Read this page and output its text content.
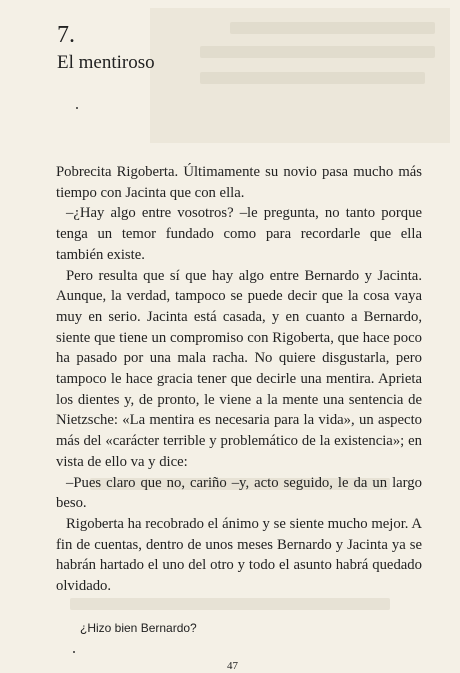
7.
El mentiroso

Pobrecita Rigoberta. Últimamente su novio pasa mucho más tiempo con Jacinta que con ella.

–¿Hay algo entre vosotros? –le pregunta, no tanto porque tenga un temor fundado como para recordarle que ella también existe.

Pero resulta que sí que hay algo entre Bernardo y Jacinta. Aunque, la verdad, tampoco se puede decir que la cosa vaya muy en serio. Jacinta está casada, y en cuanto a Bernardo, siente que tiene un compromiso con Rigoberta, que hace poco ha pasado por una mala racha. No quiere disgustarla, pero tampoco le hace gracia tener que decirle una mentira. Aprieta los dientes y, de pronto, le viene a la mente una sentencia de Nietzsche: «La mentira es necesaria para la vida», un aspecto más del «carácter terrible y problemático de la existencia»; en vista de ello va y dice:

–Pues claro que no, cariño –y, acto seguido, le da un largo beso.

Rigoberta ha recobrado el ánimo y se siente mucho mejor. A fin de cuentas, dentro de unos meses Bernardo y Jacinta ya se habrán hartado el uno del otro y todo el asunto habrá quedado olvidado.

¿Hizo bien Bernardo?
47
